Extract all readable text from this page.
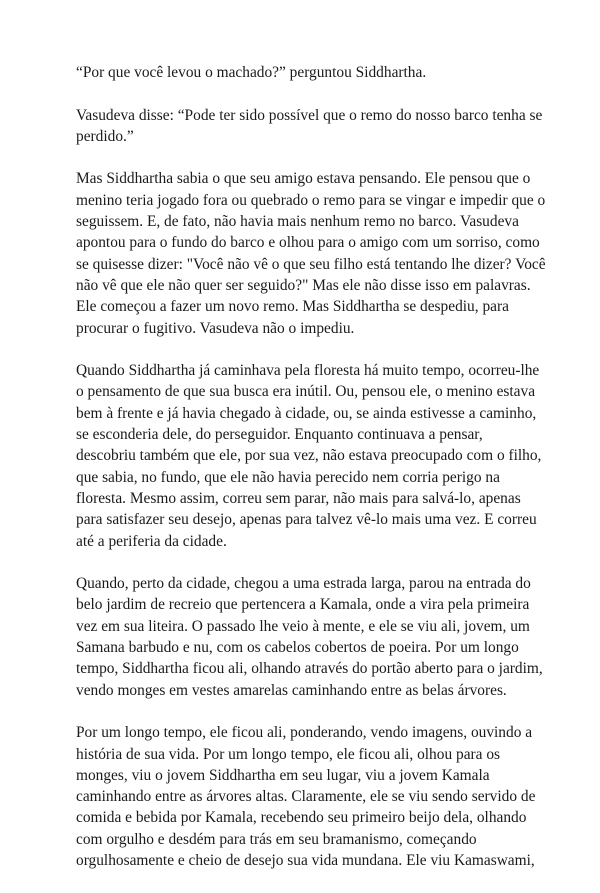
“Por que você levou o machado?” perguntou Siddhartha.

Vasudeva disse: “Pode ter sido possível que o remo do nosso barco tenha se
perdido.”

Mas Siddhartha sabia o que seu amigo estava pensando. Ele pensou que o
menino teria jogado fora ou quebrado o remo para se vingar e impedir que o
seguissem. E, de fato, não havia mais nenhum remo no barco. Vasudeva
apontou para o fundo do barco e olhou para o amigo com um sorriso, como
se quisesse dizer: "Você não vê o que seu filho está tentando lhe dizer? Você
não vê que ele não quer ser seguido?" Mas ele não disse isso em palavras.
Ele começou a fazer um novo remo. Mas Siddhartha se despediu, para
procurar o fugitivo. Vasudeva não o impediu.

Quando Siddhartha já caminhava pela floresta há muito tempo, ocorreu-lhe
o pensamento de que sua busca era inútil. Ou, pensou ele, o menino estava
bem à frente e já havia chegado à cidade, ou, se ainda estivesse a caminho,
se esconderia dele, do perseguidor. Enquanto continuava a pensar,
descobriu também que ele, por sua vez, não estava preocupado com o filho,
que sabia, no fundo, que ele não havia perecido nem corria perigo na
floresta. Mesmo assim, correu sem parar, não mais para salvá-lo, apenas
para satisfazer seu desejo, apenas para talvez vê-lo mais uma vez. E correu
até a periferia da cidade.

Quando, perto da cidade, chegou a uma estrada larga, parou na entrada do
belo jardim de recreio que pertencera a Kamala, onde a vira pela primeira
vez em sua liteira. O passado lhe veio à mente, e ele se viu ali, jovem, um
Samana barbudo e nu, com os cabelos cobertos de poeira. Por um longo
tempo, Siddhartha ficou ali, olhando através do portão aberto para o jardim,
vendo monges em vestes amarelas caminhando entre as belas árvores.

Por um longo tempo, ele ficou ali, ponderando, vendo imagens, ouvindo a
história de sua vida. Por um longo tempo, ele ficou ali, olhou para os
monges, viu o jovem Siddhartha em seu lugar, viu a jovem Kamala
caminhando entre as árvores altas. Claramente, ele se viu sendo servido de
comida e bebida por Kamala, recebendo seu primeiro beijo dela, olhando
com orgulho e desdém para trás em seu bramanismo, começando
orgulhosamente e cheio de desejo sua vida mundana. Ele viu Kamaswami,
